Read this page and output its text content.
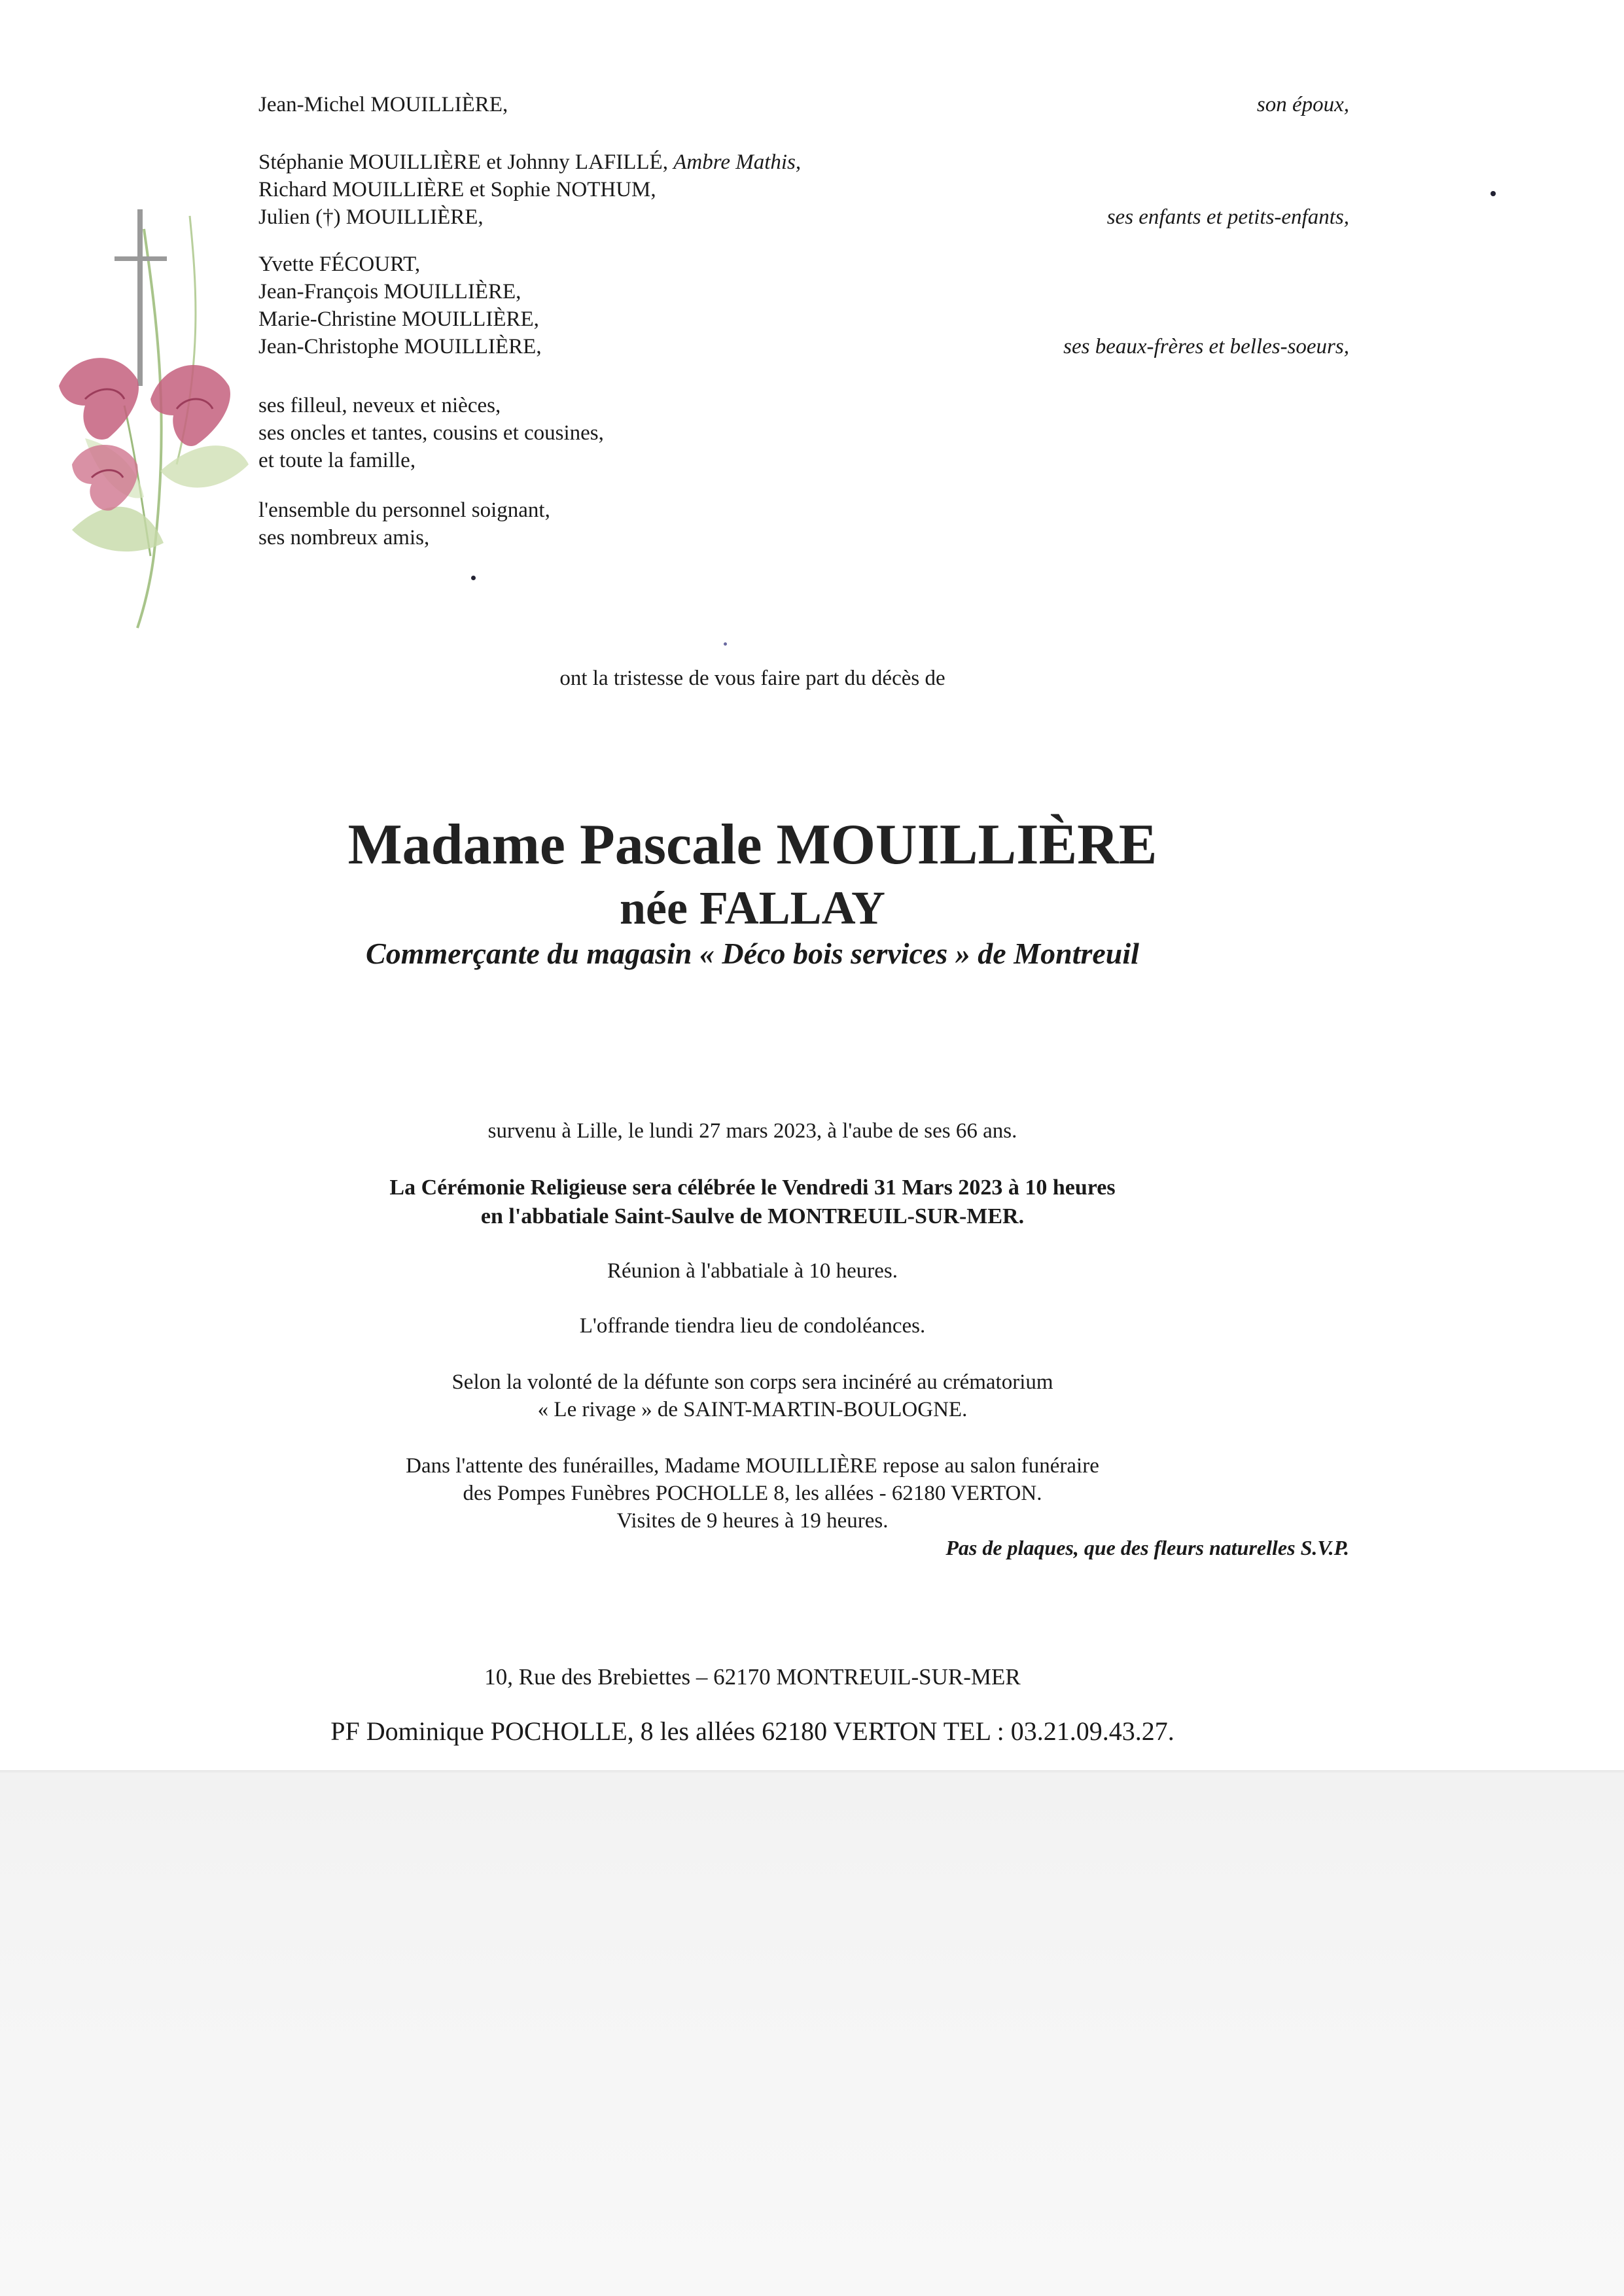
Jean-Michel MOUILLIÈRE,	son époux,

Stéphanie MOUILLIÈRE et Johnny LAFILLÉ, Ambre Mathis,

Richard MOUILLIÈRE et Sophie NOTHUM,

Julien (†) MOUILLIÈRE,	ses enfants et petits-enfants,

Yvette FÉCOURT,

Jean-François MOUILLIÈRE,

Marie-Christine MOUILLIÈRE,

Jean-Christophe MOUILLIÈRE,	ses beaux-frères et belles-soeurs,

ses filleul, neveux et nièces,

ses oncles et tantes, cousins et cousines,

et toute la famille,

l'ensemble du personnel soignant,

ses nombreux amis,

ont la tristesse de vous faire part du décès de

Madame Pascale MOUILLIÈRE

née FALLAY

Commerçante du magasin « Déco bois services » de Montreuil

survenu à Lille, le lundi 27 mars 2023, à l'aube de ses 66 ans.

La Cérémonie Religieuse sera célébrée le Vendredi 31 Mars 2023 à 10 heures

en l'abbatiale Saint-Saulve de MONTREUIL-SUR-MER.

Réunion à l'abbatiale à 10 heures.

L'offrande tiendra lieu de condoléances.

Selon la volonté de la défunte son corps sera incinéré au crématorium

« Le rivage » de SAINT-MARTIN-BOULOGNE.

Dans l'attente des funérailles, Madame MOUILLIÈRE repose au salon funéraire

des Pompes Funèbres POCHOLLE 8, les allées - 62180 VERTON.

Visites de 9 heures à 19 heures.

Pas de plaques, que des fleurs naturelles S.V.P.

10, Rue des Brebiettes – 62170 MONTREUIL-SUR-MER

PF Dominique POCHOLLE, 8 les allées 62180 VERTON TEL : 03.21.09.43.27.
